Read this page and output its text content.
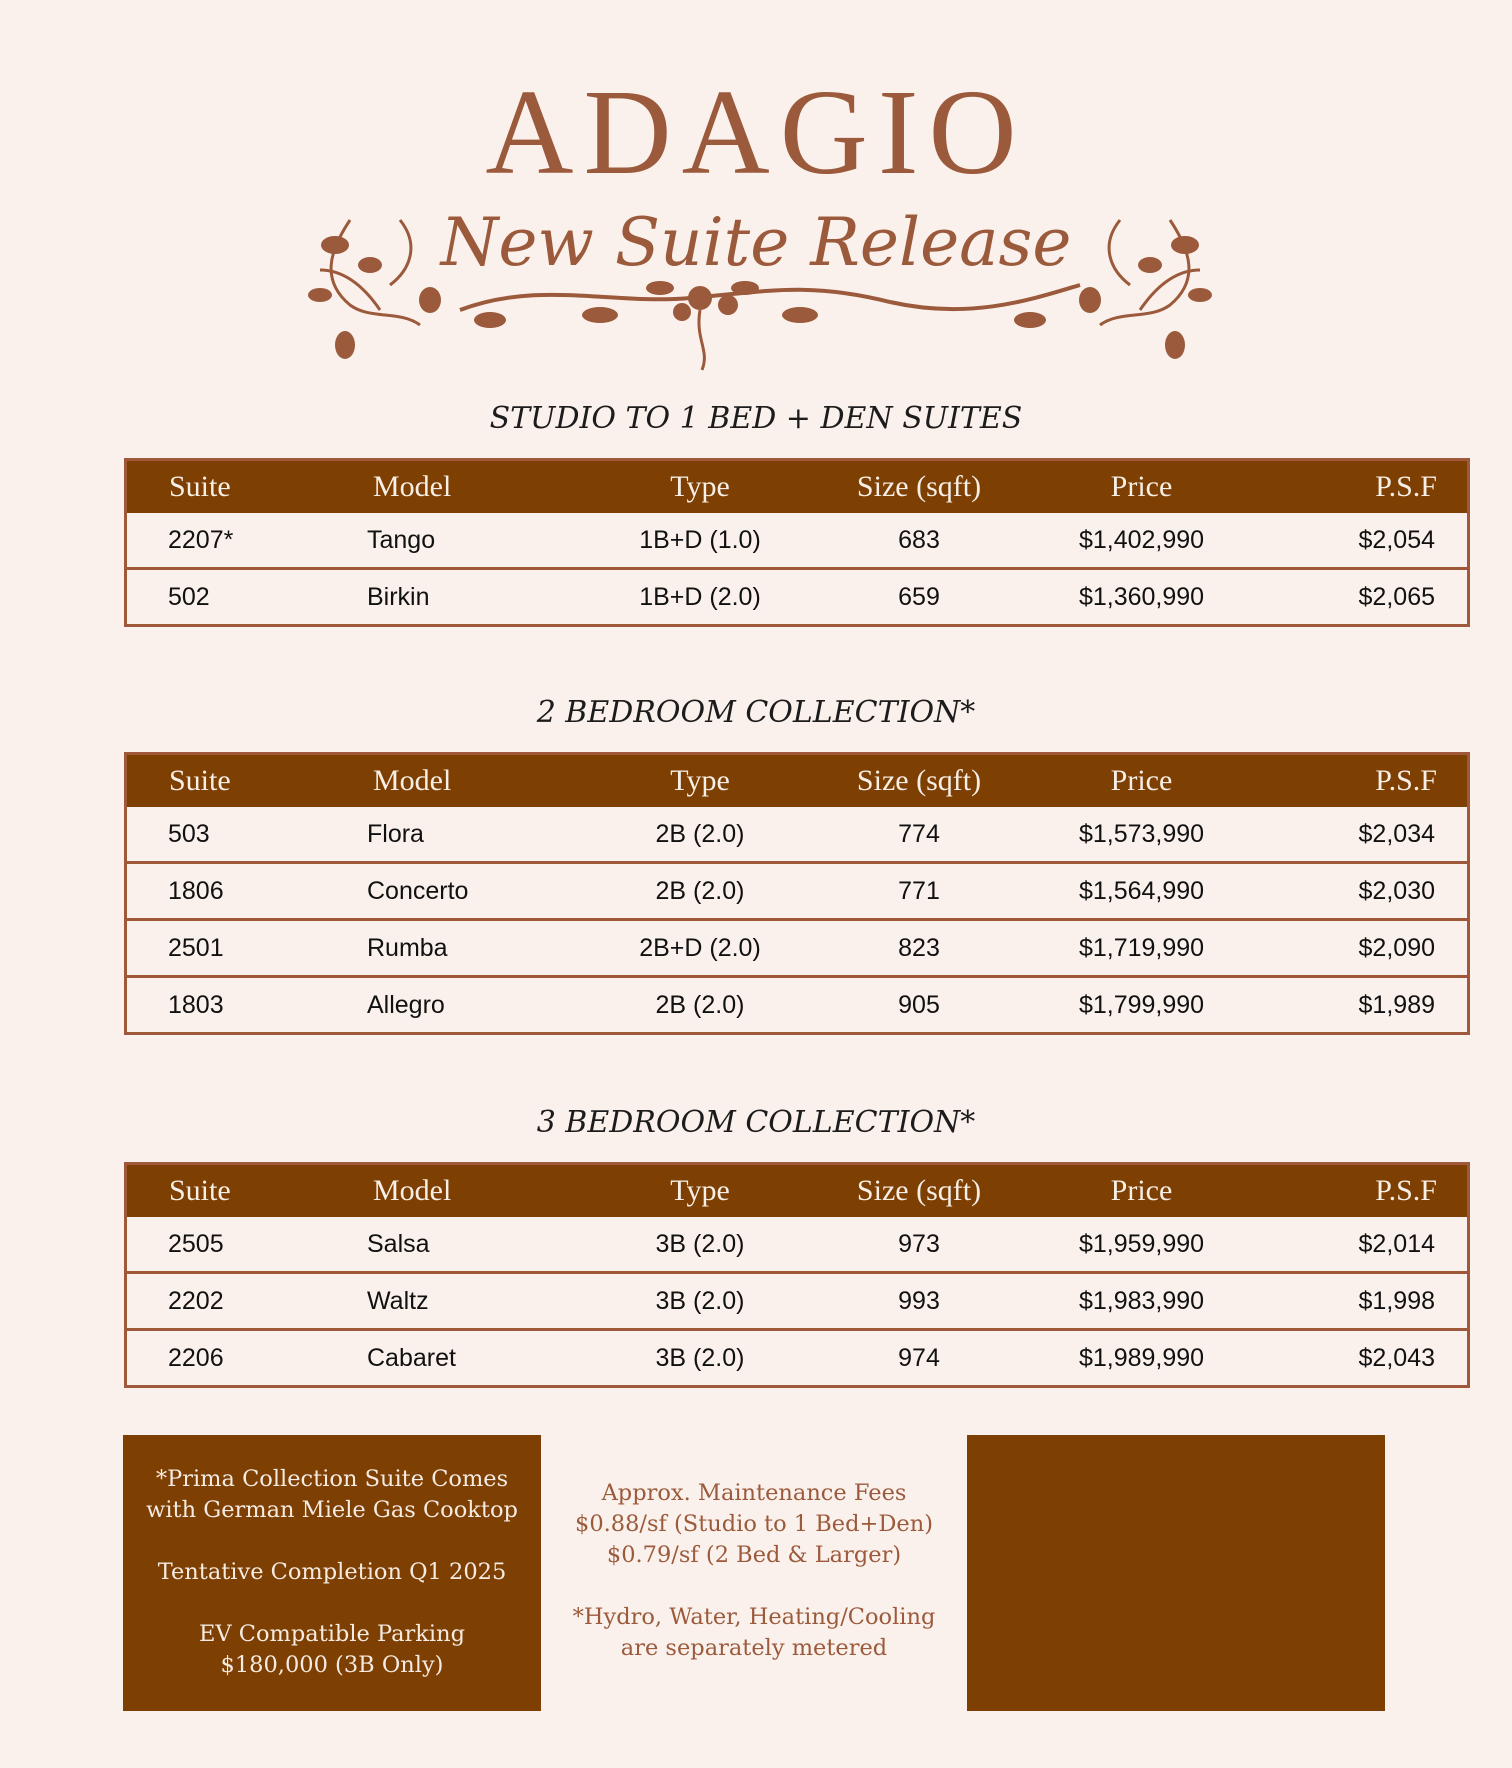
ADAGIO
New Suite Release
STUDIO TO 1 BED + DEN SUITES
Suite	Model	Type	Size (sqft)	Price	P.S.F
2207*	Tango	1B+D (1.0)	683	$1,402,990	$2,054
502	Birkin	1B+D (2.0)	659	$1,360,990	$2,065
2 BEDROOM COLLECTION*
Suite	Model	Type	Size (sqft)	Price	P.S.F
503	Flora	2B (2.0)	774	$1,573,990	$2,034
1806	Concerto	2B (2.0)	771	$1,564,990	$2,030
2501	Rumba	2B+D (2.0)	823	$1,719,990	$2,090
1803	Allegro	2B (2.0)	905	$1,799,990	$1,989
3 BEDROOM COLLECTION*
Suite	Model	Type	Size (sqft)	Price	P.S.F
2505	Salsa	3B (2.0)	973	$1,959,990	$2,014
2202	Waltz	3B (2.0)	993	$1,983,990	$1,998
2206	Cabaret	3B (2.0)	974	$1,989,990	$2,043

*Prima Collection Suite Comes
with German Miele Gas Cooktop

Tentative Completion Q1 2025

EV Compatible Parking
$180,000 (3B Only)

Approx. Maintenance Fees
$0.88/sf (Studio to 1 Bed+Den)
$0.79/sf (2 Bed & Larger)

*Hydro, Water, Heating/Cooling
are separately metered
